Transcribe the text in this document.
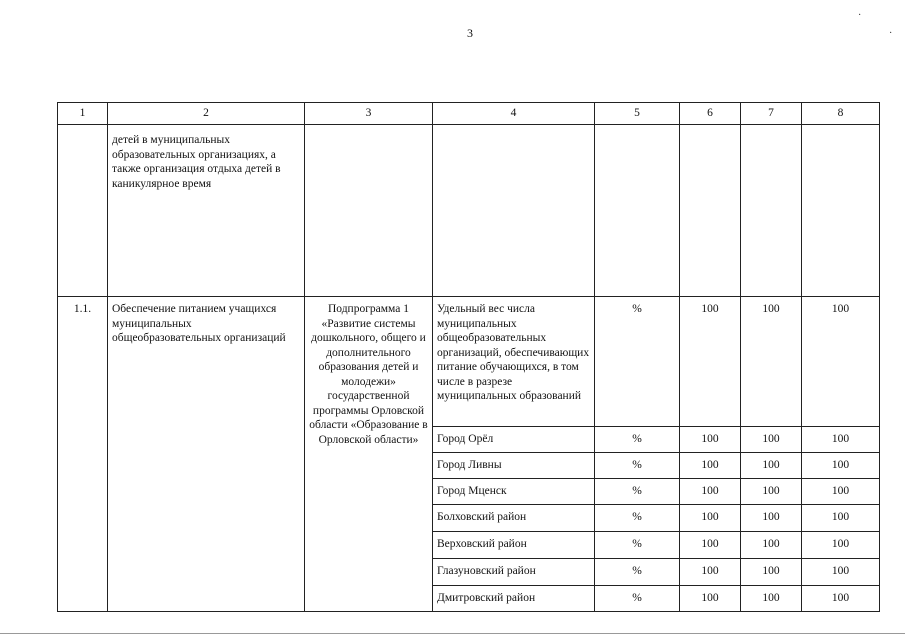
3
·
·
1	2	3	4	5	6	7	8
	детей в муниципальных образовательных организациях, а также организация отдыха детей в каникулярное время						
1.1.	Обеспечение питанием учащихся муниципальных общеобразовательных организаций	Подпрограмма 1 «Развитие системы дошкольного, общего и дополнительного образования детей и молодежи» государственной программы Орловской области «Образование в Орловской области»	Удельный вес числа муниципальных общеобразовательных организаций, обеспечивающих питание обучающихся, в том числе в разрезе муниципальных образований	%	100	100	100
			Город Орёл	%	100	100	100
			Город Ливны	%	100	100	100
			Город Мценск	%	100	100	100
			Болховский район	%	100	100	100
			Верховский район	%	100	100	100
			Глазуновский район	%	100	100	100
			Дмитровский район	%	100	100	100
